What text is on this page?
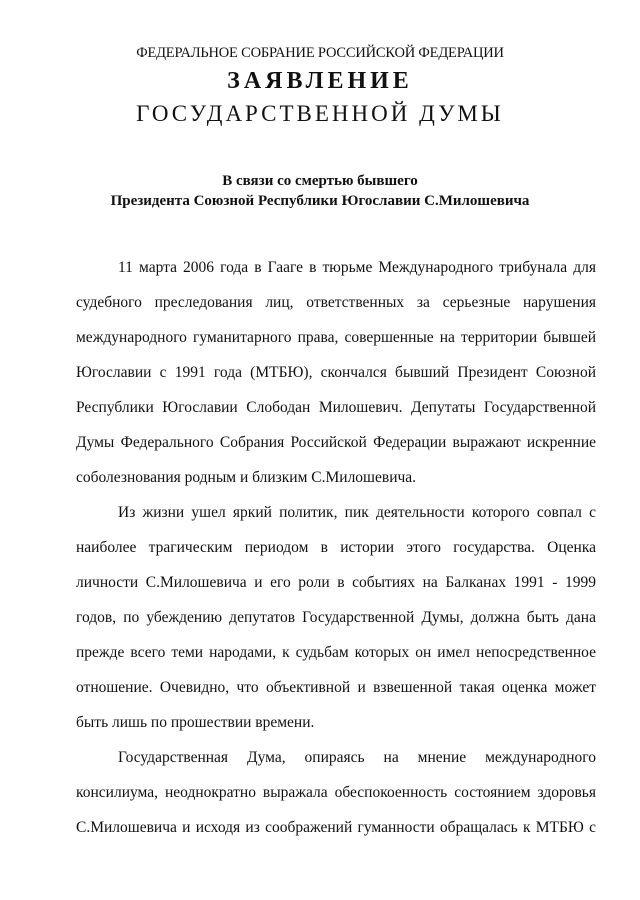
ФЕДЕРАЛЬНОЕ СОБРАНИЕ РОССИЙСКОЙ ФЕДЕРАЦИИ
ЗАЯВЛЕНИЕ
ГОСУДАРСТВЕННОЙ ДУМЫ
В связи со смертью бывшего
Президента Союзной Республики Югославии С.Милошевича
11 марта 2006 года в Гааге в тюрьме Международного трибунала для
судебного преследования лиц, ответственных за серьезные нарушения
международного гуманитарного права, совершенные на территории бывшей
Югославии с 1991 года (МТБЮ), скончался бывший Президент Союзной
Республики Югославии Слободан Милошевич. Депутаты Государственной
Думы Федерального Собрания Российской Федерации выражают искренние
соболезнования родным и близким С.Милошевича.
Из жизни ушел яркий политик, пик деятельности которого совпал с
наиболее трагическим периодом в истории этого государства. Оценка
личности С.Милошевича и его роли в событиях на Балканах 1991 - 1999
годов, по убеждению депутатов Государственной Думы, должна быть дана
прежде всего теми народами, к судьбам которых он имел непосредственное
отношение. Очевидно, что объективной и взвешенной такая оценка может
быть лишь по прошествии времени.
Государственная Дума, опираясь на мнение международного
консилиума, неоднократно выражала обеспокоенность состоянием здоровья
С.Милошевича и исходя из соображений гуманности обращалась к МТБЮ с
